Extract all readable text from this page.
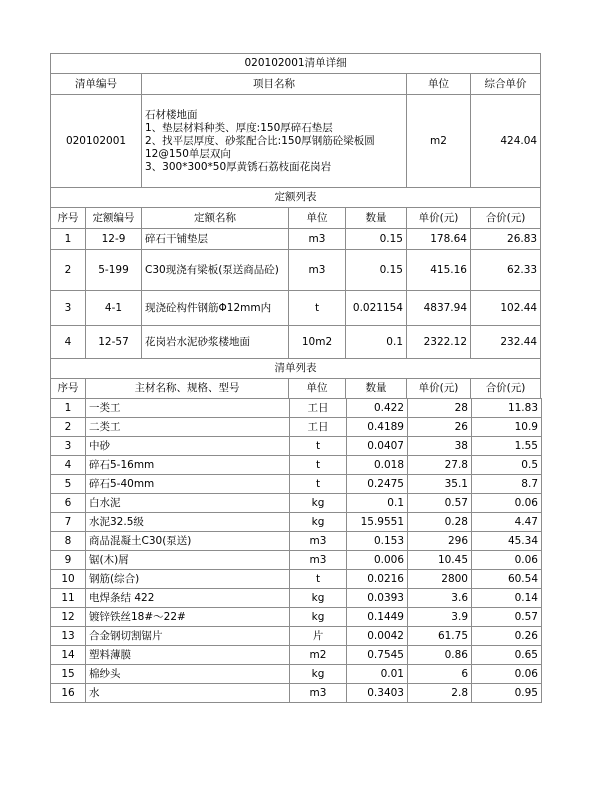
020102001清单详细						
清单编号		项目名称			单位	综合单价
020102001		石材楼地面
1、垫层材料种类、厚度:150厚碎石垫层
2、找平层厚度、砂浆配合比:150厚钢筋砼梁板圆
12@150单层双向
3、300*300*50厚黄锈石荔枝面花岗岩			m2	424.04
定额列表						
序号	定额编号	定额名称	单位	数量	单价(元)	合价(元)
1	12-9	碎石干铺垫层	m3	0.15	178.64	26.83
2	5-199	C30现浇有梁板(泵送商品砼)	m3	0.15	415.16	62.33
3	4-1	现浇砼构件钢筋Φ12mm内	t	0.021154	4837.94	102.44
4	12-57	花岗岩水泥砂浆楼地面	10m2	0.1	2322.12	232.44
清单列表						
序号	主材名称、规格、型号		单位	数量	单价(元)	合价(元)
1	一类工	工日	0.422	28	11.83
2	二类工	工日	0.4189	26	10.9
3	中砂	t	0.0407	38	1.55
4	碎石5-16mm	t	0.018	27.8	0.5
5	碎石5-40mm	t	0.2475	35.1	8.7
6	白水泥	kg	0.1	0.57	0.06
7	水泥32.5级	kg	15.9551	0.28	4.47
8	商品混凝土C30(泵送)	m3	0.153	296	45.34
9	锯(木)屑	m3	0.006	10.45	0.06
10	钢筋(综合)	t	0.0216	2800	60.54
11	电焊条结 422	kg	0.0393	3.6	0.14
12	镀锌铁丝18#～22#	kg	0.1449	3.9	0.57
13	合金钢切割锯片	片	0.0042	61.75	0.26
14	塑料薄膜	m2	0.7545	0.86	0.65
15	棉纱头	kg	0.01	6	0.06
16	水	m3	0.3403	2.8	0.95
